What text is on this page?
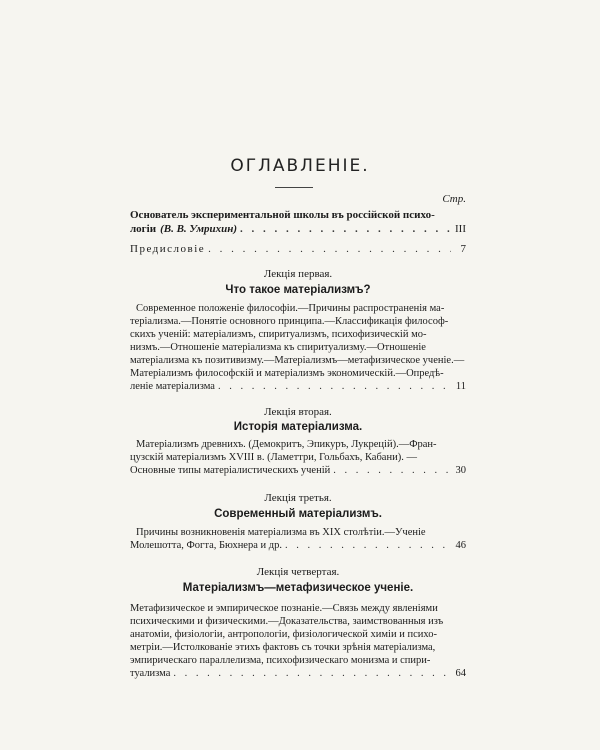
ОГЛАВЛЕНІЕ.
Стр.
Основатель экспериментальной школы въ россійской психо-
логіи (В. В. Умрихин) . . .	III
Предисловіе . . .	7
Лекція первая.
Что такое матеріализмъ?
Современное положеніе философіи.—Причины распространенія ма-
теріализма.—Понятіе основного принципа.—Классификація философ-
скихъ ученій: матеріализмъ, спиритуализмъ, психофизическій мо-
низмъ.—Отношеніе матеріализма къ спиритуализму.—Отношеніе
матеріализма къ позитивизму.—Матеріализмъ—метафизическое ученіе.—
Матеріализмъ философскій и матеріализмъ экономическій.—Опредѣ-
леніе матеріализма . . .	11
Лекція вторая.
Исторія матеріализма.
Матеріализмъ древнихъ. (Демокритъ, Эпикуръ, Лукрецій).—Фран-
цузскій матеріализмъ XVIII в. (Ламеттри, Гольбахъ, Кабани). —
Основные типы матеріалистическихъ ученій . . .	30
Лекція третья.
Современный матеріализмъ.
Причины возникновенія матеріализма въ XIX столѣтіи.—Ученіе
Молешотта, Фогта, Бюхнера и др. . . .	46
Лекція четвертая.
Матеріализмъ—метафизическое ученіе.
Метафизическое и эмпирическое познаніе.—Связь между явленіями
психическими и физическими.—Доказательства, заимствованныя изъ
анатоміи, физіологіи, антропологіи, физіологической химіи и психо-
метріи.—Истолкованіе этихъ фактовъ съ точки зрѣнія матеріализма,
эмпирическаго параллелизма, психофизическаго монизма и спири-
туализма . . .	64
